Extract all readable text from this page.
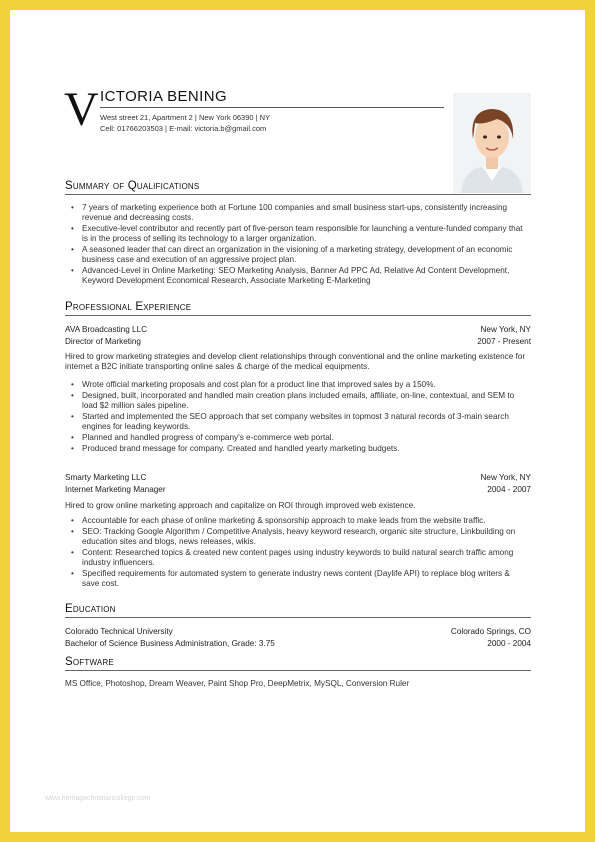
V ICTORIA BENING
West street 21, Apartment 2 | New York 06390 | NY
Cell: 01766203503 | E-mail: victoria.b@gmail.com
Summary of Qualifications
• 7 years of marketing experience both at Fortune 100 companies and small business start-ups, consistently increasing revenue and decreasing costs.
• Executive-level contributor and recently part of five-person team responsible for launching a venture-funded company that is in the process of selling its technology to a larger organization.
• A seasoned leader that can direct an organization in the visioning of a marketing strategy, development of an economic business case and execution of an aggressive project plan.
• Advanced-Level in Online Marketing: SEO Marketing Analysis, Banner Ad PPC Ad, Relative Ad Content Development, Keyword Development Economical Research, Associate Marketing E-Marketing
Professional Experience
AVA Broadcasting LLC	New York, NY
Director of Marketing	2007 - Present
Hired to grow marketing strategies and develop client relationships through conventional and the online marketing existence for internet a B2C initiate transporting online sales & charge of the medical equipments.
• Wrote official marketing proposals and cost plan for a product line that improved sales by a 150%.
• Designed, built, incorporated and handled main creation plans included emails, affiliate, on-line, contextual, and SEM to load $2 million sales pipeline.
• Started and implemented the SEO approach that set company websites in topmost 3 natural records of 3-main search engines for leading keywords.
• Planned and handled progress of company's e-commerce web portal.
• Produced brand message for company. Created and handled yearly marketing budgets.
Smarty Marketing LLC	New York, NY
Internet Marketing Manager	2004 - 2007
Hired to grow online marketing approach and capitalize on ROI through improved web existence.
• Accountable for each phase of online marketing & sponsorship approach to make leads from the website traffic.
• SEO: Tracking Google Algorithm / Competitive Analysis, heavy keyword research, organic site structure, Linkbuilding on education sites and blogs, news releases, wikis.
• Content: Researched topics & created new content pages using industry keywords to build natural search traffic among industry influencers.
• Specified requirements for automated system to generate industry news content (Daylife API) to replace blog writers & save cost.
Education
Colorado Technical University	Colorado Springs, CO
Bachelor of Science Business Administration, Grade: 3.75	2000 - 2004
Software
MS Office, Photoshop, Dream Weaver, Paint Shop Pro, DeepMetrix, MySQL, Conversion Ruler
www.heritagechristiancollege.com
